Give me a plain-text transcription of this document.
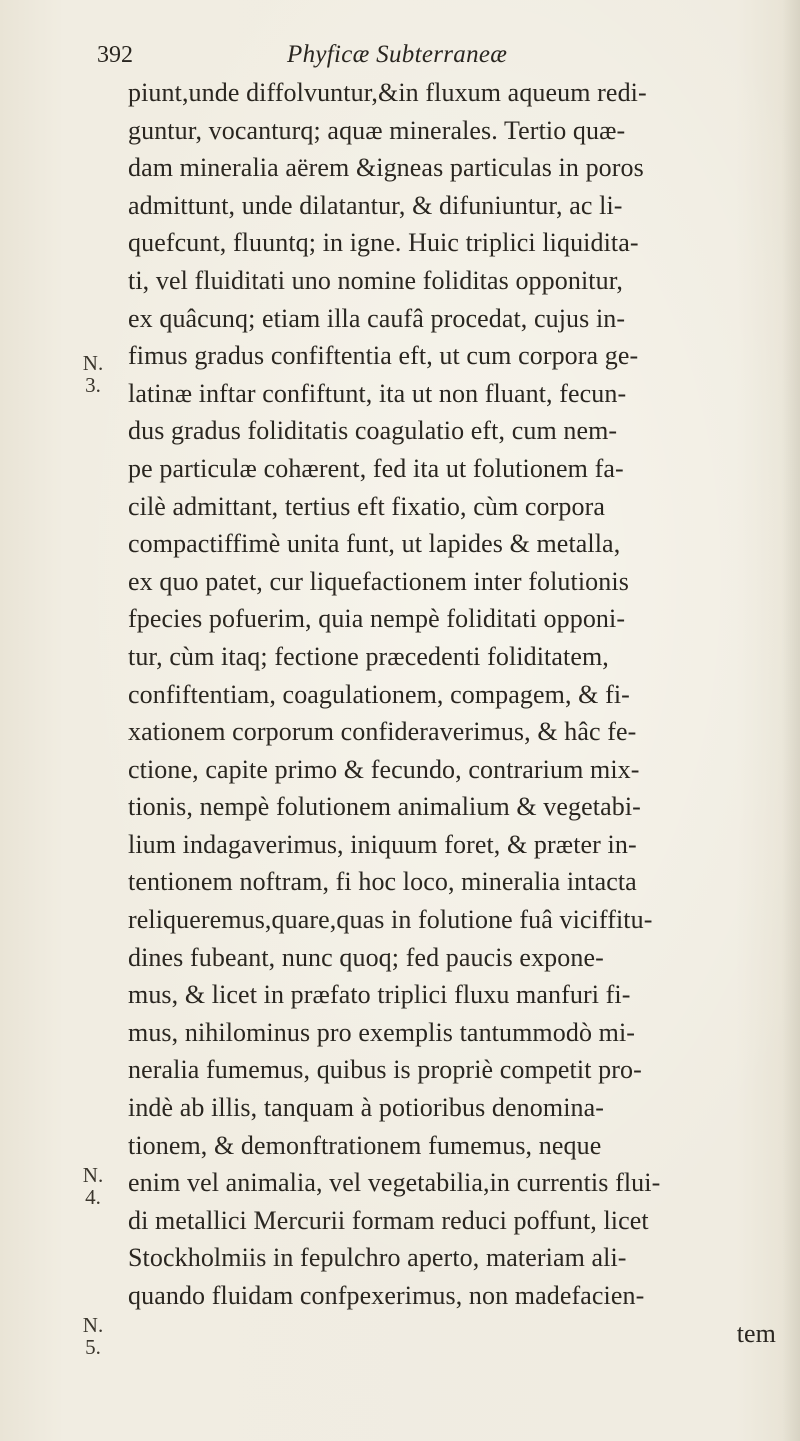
392	Phyficæ Subterraneæ
piunt,unde diffolvuntur,&in fluxum aqueum redi-
guntur, vocanturq; aquæ minerales. Tertio quæ-
dam mineralia aërem &igneas particulas in poros
admittunt, unde dilatantur, & difuniuntur, ac li-
quefcunt, fluuntq; in igne. Huic triplici liquidita-
ti, vel fluiditati uno nomine foliditas opponitur,
ex quâcunq; etiam illa caufâ procedat, cujus in-
fimus gradus confiftentia eft, ut cum corpora ge-
latinæ inftar confiftunt, ita ut non fluant, fecun-
dus gradus foliditatis coagulatio eft, cum nem-
pe particulæ cohærent, fed ita ut folutionem fa-
cilè admittant, tertius eft fixatio, cùm corpora
compactiffimè unita funt, ut lapides & metalla,
ex quo patet, cur liquefactionem inter folutionis
fpecies pofuerim, quia nempè foliditati opponi-
tur, cùm itaq; fectione præcedenti foliditatem,
confiftentiam, coagulationem, compagem, & fi-
xationem corporum confideraverimus, & hâc fe-
ctione, capite primo & fecundo, contrarium mix-
tionis, nempè folutionem animalium & vegetabi-
lium indagaverimus, iniquum foret, & præter in-
tentionem noftram, fi hoc loco, mineralia intacta
reliqueremus,quare,quas in folutione fuâ viciffitu-
dines fubeant, nunc quoq; fed paucis expone-
mus, & licet in præfato triplici fluxu manfuri fi-
mus, nihilominus pro exemplis tantummodò mi-
neralia fumemus, quibus is propriè competit pro-
indè ab illis, tanquam à potioribus denomina-
tionem, & demonftrationem fumemus, neque
enim vel animalia, vel vegetabilia,in currentis flui-
di metallici Mercurii formam reduci poffunt, licet
Stockholmiis in fepulchro aperto, materiam ali-
quando fluidam confpexerimus, non madefacien-
tem
N.
3.
N.
4.
N.
5.
